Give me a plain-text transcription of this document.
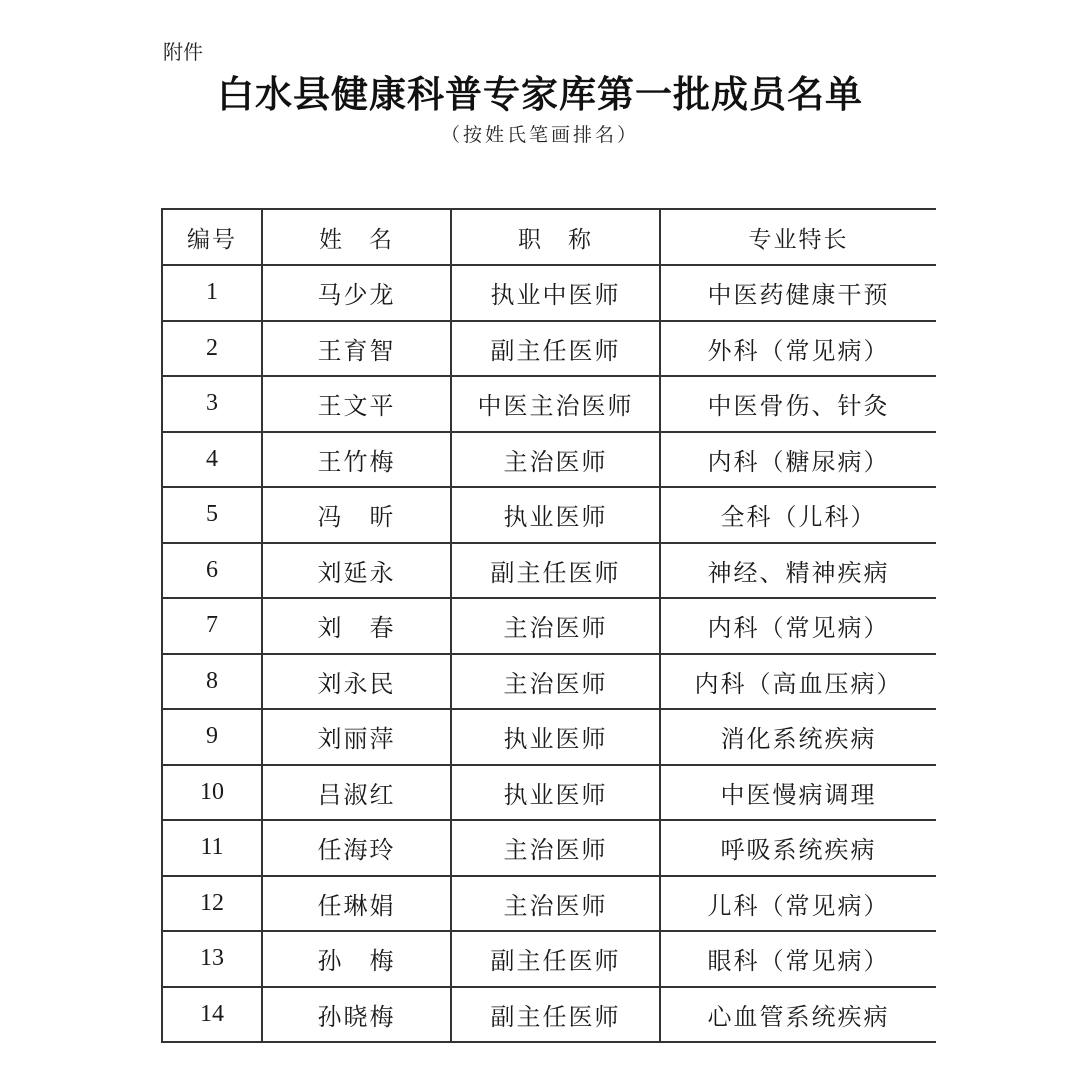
附件
白水县健康科普专家库第一批成员名单
（按姓氏笔画排名）
编号	姓　名	职　称	专业特长
1	马少龙	执业中医师	中医药健康干预
2	王育智	副主任医师	外科（常见病）
3	王文平	中医主治医师	中医骨伤、针灸
4	王竹梅	主治医师	内科（糖尿病）
5	冯　昕	执业医师	全科（儿科）
6	刘延永	副主任医师	神经、精神疾病
7	刘　春	主治医师	内科（常见病）
8	刘永民	主治医师	内科（高血压病）
9	刘丽萍	执业医师	消化系统疾病
10	吕淑红	执业医师	中医慢病调理
11	任海玲	主治医师	呼吸系统疾病
12	任琳娟	主治医师	儿科（常见病）
13	孙　梅	副主任医师	眼科（常见病）
14	孙晓梅	副主任医师	心血管系统疾病
